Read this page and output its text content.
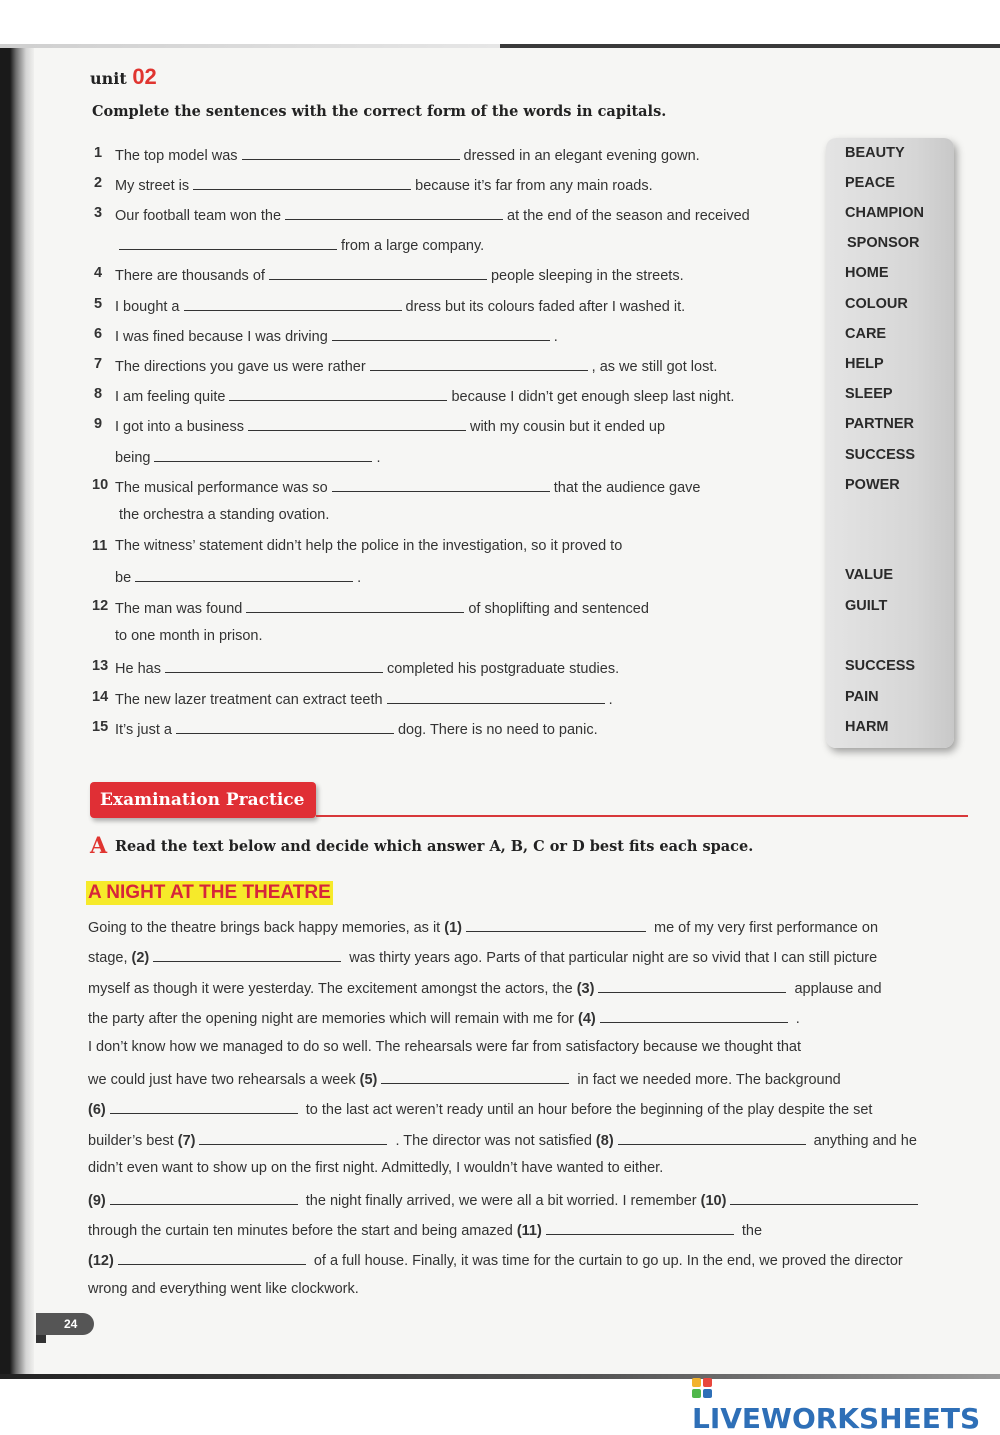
unit 02
Complete the sentences with the correct form of the words in capitals.
1 The top model was	dressed in an elegant evening gown.	BEAUTY
2 My street is	because it’s far from any main roads.	PEACE
3 Our football team won the	at the end of the season and received	CHAMPION
from a large company.	SPONSOR
4 There are thousands of	people sleeping in the streets.	HOME
5 I bought a	dress but its colours faded after I washed it.	COLOUR
6 I was fined because I was driving	.	CARE
7 The directions you gave us were rather	, as we still got lost.	HELP
8 I am feeling quite	because I didn’t get enough sleep last night.	SLEEP
9 I got into a business	with my cousin but it ended up	PARTNER
being	.	SUCCESS
10 The musical performance was so	that the audience gave	POWER
the orchestra a standing ovation.
11 The witness’ statement didn’t help the police in the investigation, so it proved to
be	.	VALUE
12 The man was found	of shoplifting and sentenced	GUILT
to one month in prison.
13 He has	completed his postgraduate studies.	SUCCESS
14 The new lazer treatment can extract teeth	.	PAIN
15 It’s just a	dog. There is no need to panic.	HARM
Examination Practice
A Read the text below and decide which answer A, B, C or D best fits each space.
A NIGHT AT THE THEATRE
Going to the theatre brings back happy memories, as it (1)	me of my very first performance on
stage, (2)	was thirty years ago. Parts of that particular night are so vivid that I can still picture
myself as though it were yesterday. The excitement amongst the actors, the (3)	applause and
the party after the opening night are memories which will remain with me for (4)	.
I don’t know how we managed to do so well. The rehearsals were far from satisfactory because we thought that
we could just have two rehearsals a week (5)	in fact we needed more. The background
(6)	to the last act weren’t ready until an hour before the beginning of the play despite the set
builder’s best (7)	. The director was not satisfied (8)	anything and he
didn’t even want to show up on the first night. Admittedly, I wouldn’t have wanted to either.
(9)	the night finally arrived, we were all a bit worried. I remember (10)
through the curtain ten minutes before the start and being amazed (11)	the
(12)	of a full house. Finally, it was time for the curtain to go up. In the end, we proved the director
wrong and everything went like clockwork.
24
LIVEWORKSHEETS
